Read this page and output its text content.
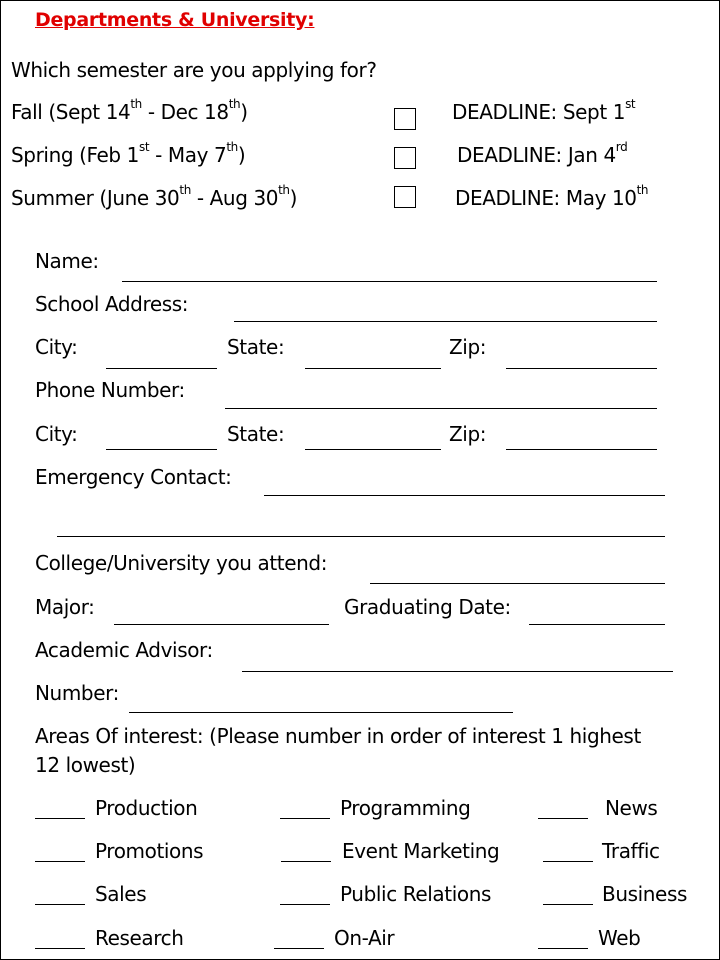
Departments & University:
Which semester are you applying for?
Fall (Sept 14th - Dec 18th)	DEADLINE: Sept 1st
Spring (Feb 1st - May 7th)	DEADLINE: Jan 4rd
Summer (June 30th - Aug 30th)	DEADLINE: May 10th
Name:
School Address:
City:	State:	Zip:
Phone Number:
City:	State:	Zip:
Emergency Contact:
College/University you attend:
Major:	Graduating Date:
Academic Advisor:
Number:
Areas Of interest: (Please number in order of interest 1 highest
12 lowest)
Production	Programming	News
Promotions	Event Marketing	Traffic
Sales	Public Relations	Business
Research	On-Air	Web
